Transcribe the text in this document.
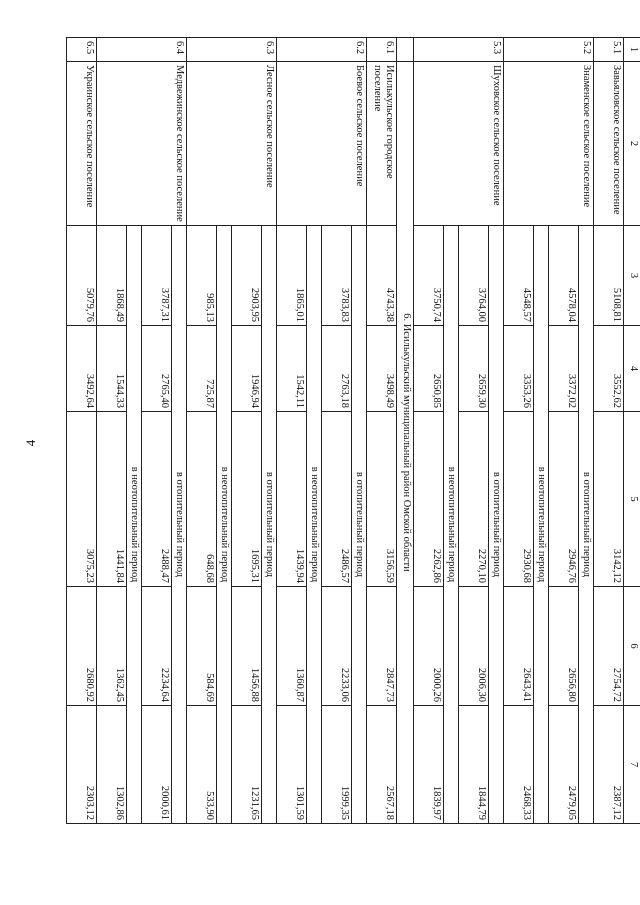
4
1	2	3	4	5	6	7
5.1	Завьяловское сельское поселение	5108,81	3552,62	3142,12	2754,72	2387,12
5.2	Знаменское сельское поселение	в отопительный период				
		4578,04	3372,02	2946,76	2656,80	2479,05
		в неотопительный период				
		4548,57	3353,26	2930,68	2643,41	2468,33
5.3	Шуховское сельское поселение	в отопительный период				
		3764,00	2659,30	2270,10	2006,30	1844,79
		в неотопительный период				
		3750,74	2650,85	2262,86	2000,26	1839,97
	6. Исилькульский муниципальный район Омской области					
6.1	Исилькульское городское поселение	4743,38	3498,49	3156,59	2847,73	2567,18
6.2	Боевое сельское поселение	в отопительный период				
		3783,83	2763,18	2486,57	2233,06	1999,35
		в неотопительный период				
		1865,01	1542,11	1439,94	1360,87	1301,59
6.3	Лесное сельское поселение	в отопительный период				
		2903,95	1946,94	1695,31	1456,88	1231,65
		в неотопительный период				
		985,13	725,87	648,68	584,69	533,90
6.4	Медвежинское сельское поселение	в отопительный период				
		3787,31	2765,40	2488,47	2234,64	2000,61
		в неотопительный период				
		1868,49	1544,33	1441,84	1362,45	1302,86
6.5	Украинское сельское поселение	5079,76	3492,64	3075,23	2680,92	2303,12
